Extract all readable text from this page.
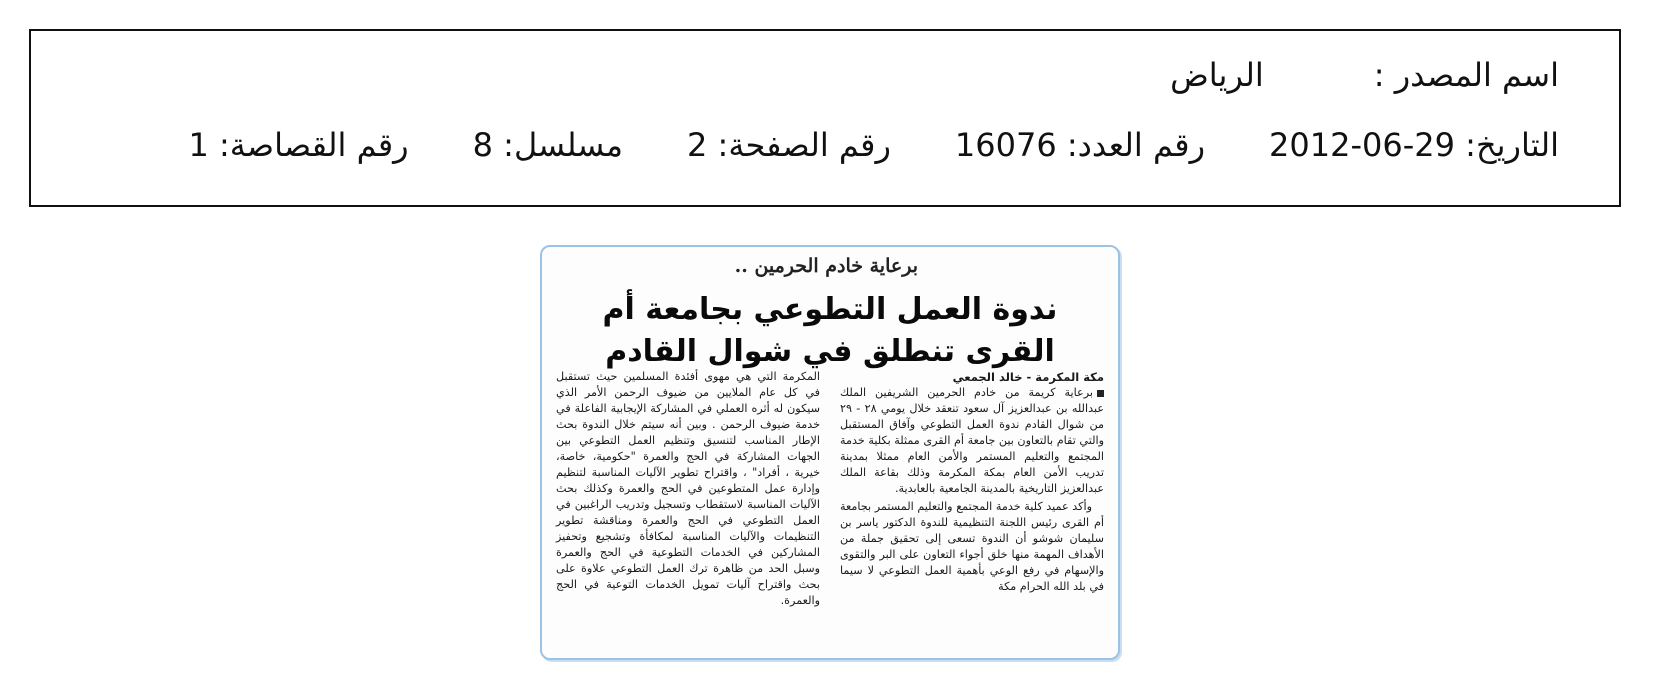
اسم المصدر :الرياض
التاريخ: 2012-06-29رقم العدد: 16076رقم الصفحة: 2مسلسل: 8رقم القصاصة: 1
برعاية خادم الحرمين ..
ندوة العمل التطوعي بجامعة أم القرى تنطلق في شوال القادم
مكة المكرمة - خالد الجمعي

برعاية كريمة من خادم الحرمين الشريفين الملك عبدالله بن عبدالعزيز آل سعود تنعقد خلال يومي ٢٨ - ٢٩ من شوال القادم ندوة العمل التطوعي وآفاق المستقبل والتي تقام بالتعاون بين جامعة أم القرى ممثلة بكلية خدمة المجتمع والتعليم المستمر والأمن العام ممثلا بمدينة تدريب الأمن العام بمكة المكرمة وذلك بقاعة الملك عبدالعزيز التاريخية بالمدينة الجامعية بالعابدية.

وأكد عميد كلية خدمة المجتمع والتعليم المستمر بجامعة أم القرى رئيس اللجنة التنظيمية للندوة الدكتور ياسر بن سليمان شوشو أن الندوة تسعى إلى تحقيق جملة من الأهداف المهمة منها خلق أجواء التعاون على البر والتقوى والإسهام في رفع الوعي بأهمية العمل التطوعي لا سيما في بلد الله الحرام مكة

المكرمة التي هي مهوى أفئدة المسلمين حيث تستقبل في كل عام الملايين من ضيوف الرحمن الأمر الذي سيكون له أثره العملي في المشاركة الإيجابية الفاعلة في خدمة ضيوف الرحمن . وبين أنه سيتم خلال الندوة بحث الإطار المناسب لتنسيق وتنظيم العمل التطوعي بين الجهات المشاركة في الحج والعمرة "حكومية، خاصة، خيرية ، أفراد" ، واقتراح تطوير الآليات المناسبة لتنظيم وإدارة عمل المتطوعين في الحج والعمرة وكذلك بحث الآليات المناسبة لاستقطاب وتسجيل وتدريب الراغبين في العمل التطوعي في الحج والعمرة ومناقشة تطوير التنظيمات والآليات المناسبة لمكافأة وتشجيع وتحفيز المشاركين في الخدمات التطوعية في الحج والعمرة وسبل الحد من ظاهرة ترك العمل التطوعي علاوة على بحث واقتراح آليات تمويل الخدمات التوعية في الحج والعمرة.
